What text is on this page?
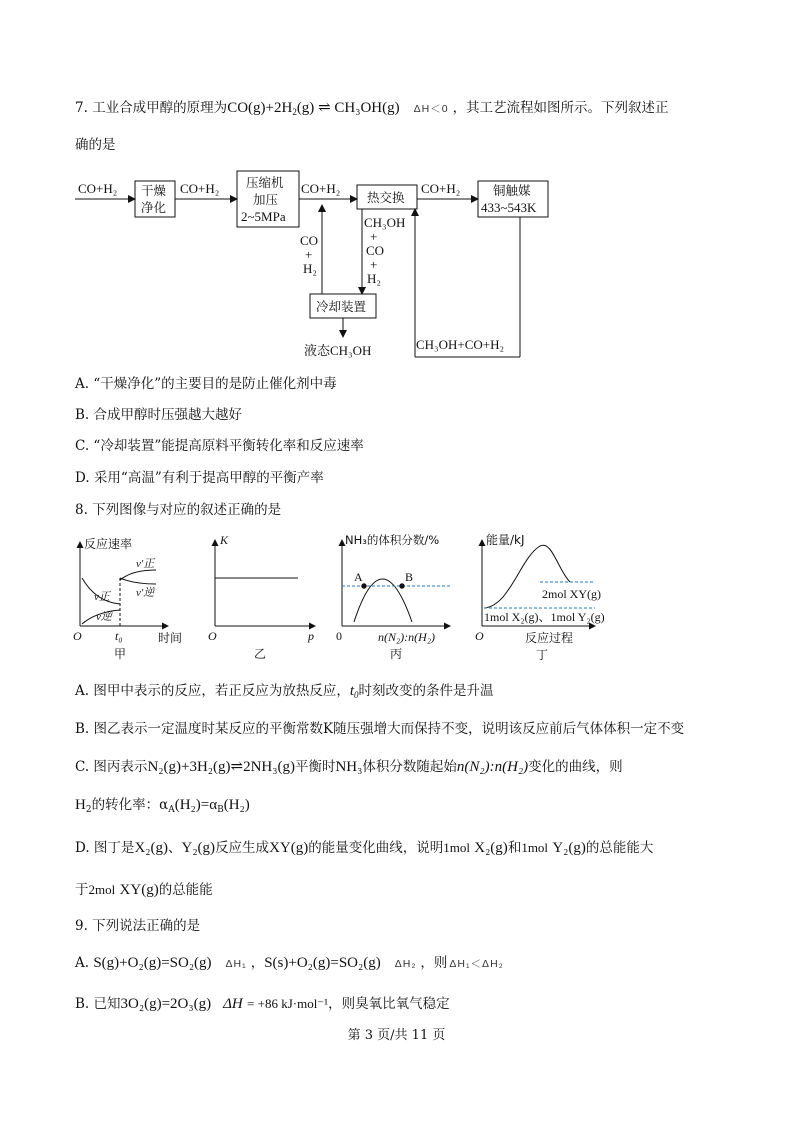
7. 工业合成甲醇的原理为$CO(g)+2H_2(g)$ ⇌ CH₃OH(g) ΔH＜0 ，其工艺流程如图所示。下列叙述正
确的是
CO+H₂ 干燥
净化
CO+H₂ 压缩机
加压
2~5MPa
CO+H₂
热交换
CO+H₂	铜触媒
433~543K
CO
+
H₂
CH₃OH
+
CO
+
H₂
冷却装置
液态CH₃OH	CH₃OH+CO+H₂
A. “干燥净化”的主要目的是防止催化剂中毒
B. 合成甲醇时压强越大越好
C. “冷却装置”能提高原料平衡转化率和反应速率
D. 采用“高温”有利于提高甲醇的平衡产率
8. 下列图像与对应的叙述正确的是
反应速率
v′正
v′逆
v正
v逆
O	t₀	时间
甲
K
O	p
乙
NH₃的体积分数/%
A	B
0	n(N₂):n(H₂)
丙
能量/kJ
2mol XY(g)
1mol X₂(g)、1mol Y₂(g)
O	反应过程
丁
A. 图甲中表示的反应，若正反应为放热反应，$t_0$时刻改变的条件是升温
B. 图乙表示一定温度时某反应的平衡常数K随压强增大而保持不变，说明该反应前后气体体积一定不变
C. 图丙表示N₂(g)+3H₂(g)⇌2NH₃(g)平衡时NH₃体积分数随起始n(N₂):n(H₂)变化的曲线，则
$H_2$的转化率：$\alpha_A(H_2)=\alpha_B(H_2)$
D. 图丁是X₂(g)、Y₂(g)反应生成XY(g)的能量变化曲线，说明1mol X₂(g)和1mol Y₂(g)的总能能大
于2mol XY(g)的总能能
9. 下列说法正确的是
A. S(g)+O₂(g)=SO₂(g) ΔH₁ ，S(s)+O₂(g)=SO₂(g) ΔH₂ ，则 ΔH₁＜ΔH₂
B. 已知3O₂(g)=2O₃(g) ΔH = +86 kJ·mol⁻¹，则臭氧比氧气稳定
第 3 页/共 11 页
